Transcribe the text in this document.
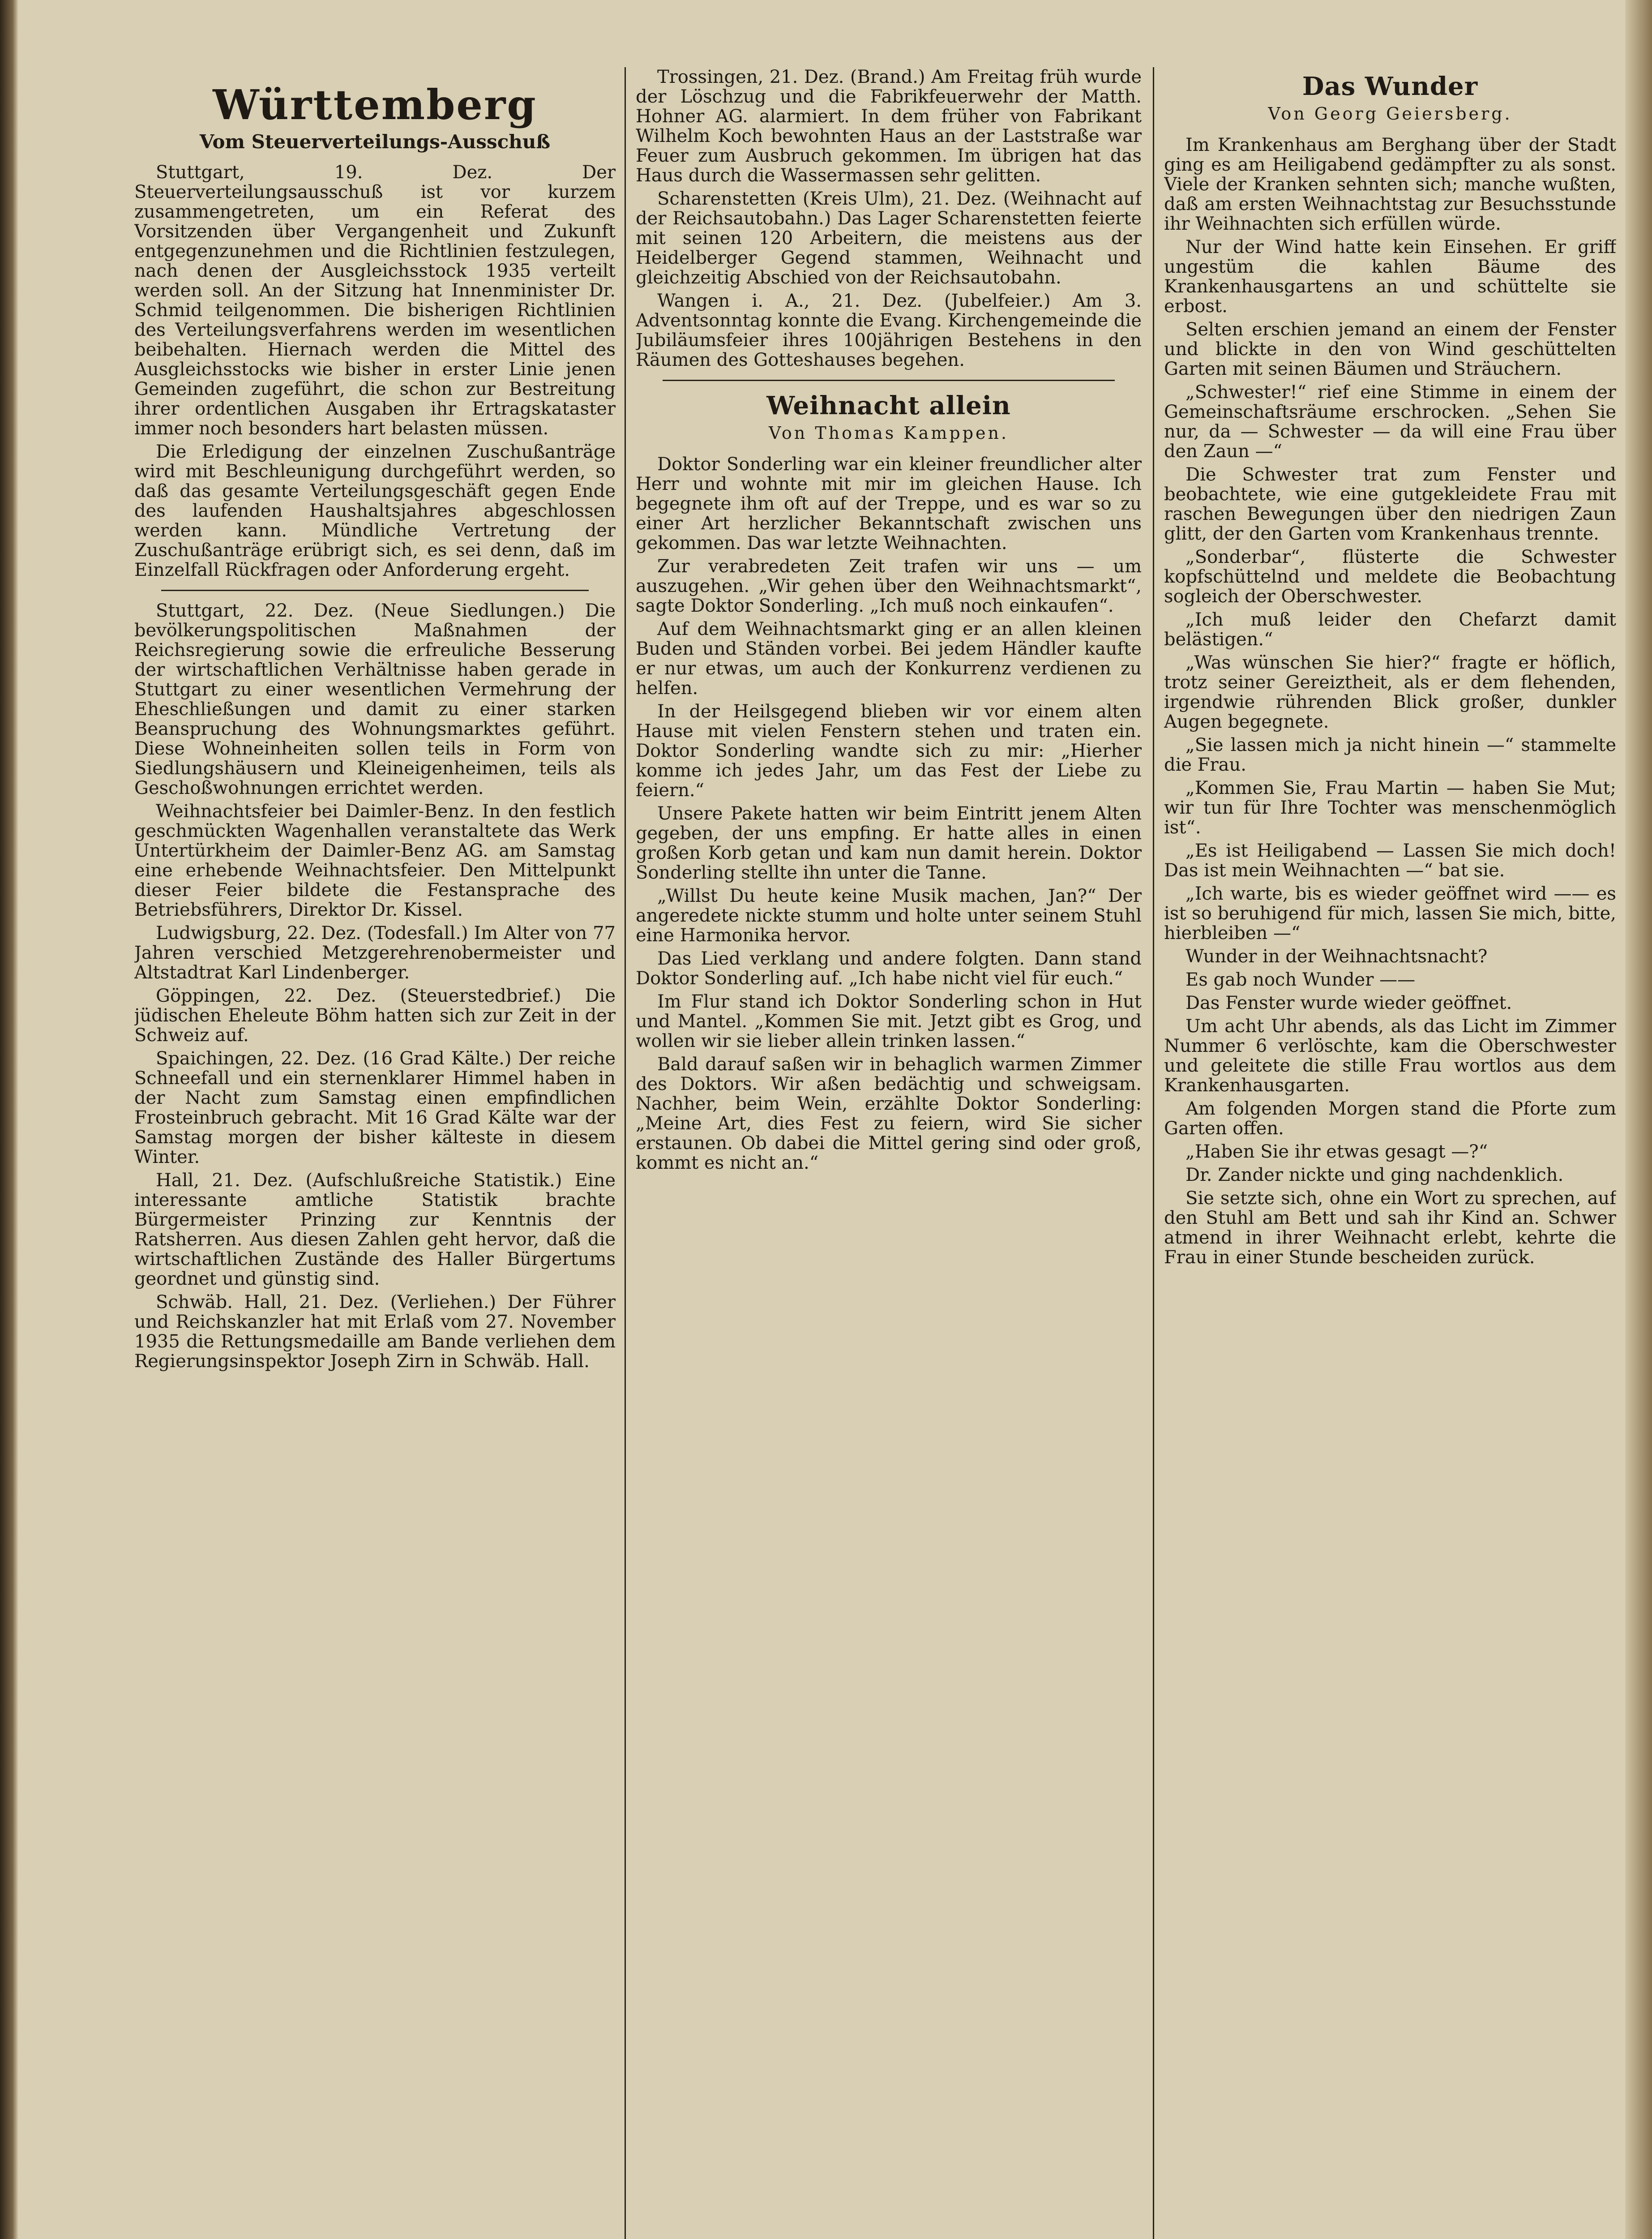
Württemberg
Vom Steuerverteilungs-Ausschuß

Stuttgart, 19. Dez. Der Steuerverteilungsausschuß ist vor kurzem zusammengetreten, um ein Referat des Vorsitzenden über Vergangenheit und Zukunft entgegenzunehmen und die Richtlinien festzulegen, nach denen der Ausgleichsstock 1935 verteilt werden soll. An der Sitzung hat Innenminister Dr. Schmid teilgenommen. Die bisherigen Richtlinien des Verteilungsverfahrens werden im wesentlichen beibehalten. Hiernach werden die Mittel des Ausgleichsstocks wie bisher in erster Linie jenen Gemeinden zugeführt, die schon zur Bestreitung ihrer ordentlichen Ausgaben ihr Ertragskataster immer noch besonders hart belasten müssen.

Die Erledigung der einzelnen Zuschußanträge wird mit Beschleunigung durchgeführt werden, so daß das gesamte Verteilungsgeschäft gegen Ende des laufenden Haushaltsjahres abgeschlossen werden kann. Mündliche Vertretung der Zuschußanträge erübrigt sich, es sei denn, daß im Einzelfall Rückfragen oder Anforderung ergeht.

Stuttgart, 22. Dez. (Neue Siedlungen.) Die bevölkerungspolitischen Maßnahmen der Reichsregierung sowie die erfreuliche Besserung der wirtschaftlichen Verhältnisse haben gerade in Stuttgart zu einer wesentlichen Vermehrung der Eheschließungen und damit zu einer starken Beanspruchung des Wohnungsmarktes geführt. Diese Wohneinheiten sollen teils in Form von Siedlungshäusern und Kleineigenheimen, teils als Geschoßwohnungen errichtet werden.

Weihnachtsfeier bei Daimler-Benz. In den festlich geschmückten Wagenhallen veranstaltete das Werk Untertürkheim der Daimler-Benz AG. am Samstag eine erhebende Weihnachtsfeier. Den Mittelpunkt dieser Feier bildete die Festansprache des Betriebsführers, Direktor Dr. Kissel.

Ludwigsburg, 22. Dez. (Todesfall.) Im Alter von 77 Jahren verschied Metzgerehrenobermeister und Altstadtrat Karl Lindenberger.

Göppingen, 22. Dez. (Steuerstedbrief.) Die jüdischen Eheleute Böhm hatten sich zur Zeit in der Schweiz auf.

Spaichingen, 22. Dez. (16 Grad Kälte.) Der reiche Schneefall und ein sternenklarer Himmel haben in der Nacht zum Samstag einen empfindlichen Frosteinbruch gebracht. Mit 16 Grad Kälte war der Samstag morgen der bisher kälteste in diesem Winter.

Hall, 21. Dez. (Aufschlußreiche Statistik.) Eine interessante amtliche Statistik brachte Bürgermeister Prinzing zur Kenntnis der Ratsherren. Aus diesen Zahlen geht hervor, daß die wirtschaftlichen Zustände des Haller Bürgertums geordnet und günstig sind.

Schwäb. Hall, 21. Dez. (Verliehen.) Der Führer und Reichskanzler hat mit Erlaß vom 27. November 1935 die Rettungsmedaille am Bande verliehen dem Regierungsinspektor Joseph Zirn in Schwäb. Hall.

Trossingen, 21. Dez. (Brand.) Am Freitag früh wurde der Löschzug und die Fabrikfeuerwehr der Matth. Hohner AG. alarmiert. In dem früher von Fabrikant Wilhelm Koch bewohnten Haus an der Laststraße war Feuer zum Ausbruch gekommen. Im übrigen hat das Haus durch die Wassermassen sehr gelitten.

Scharenstetten (Kreis Ulm), 21. Dez. (Weihnacht auf der Reichsautobahn.) Das Lager Scharenstetten feierte mit seinen 120 Arbeitern, die meistens aus der Heidelberger Gegend stammen, Weihnacht und gleichzeitig Abschied von der Reichsautobahn.

Wangen i. A., 21. Dez. (Jubelfeier.) Am 3. Adventsonntag konnte die Evang. Kirchengemeinde die Jubiläumsfeier ihres 100jährigen Bestehens in den Räumen des Gotteshauses begehen.

Weihnacht allein
Von Thomas Kamppen.

Doktor Sonderling war ein kleiner freundlicher alter Herr und wohnte mit mir im gleichen Hause. Ich begegnete ihm oft auf der Treppe, und es war so zu einer Art herzlicher Bekanntschaft zwischen uns gekommen. Das war letzte Weihnachten.

Zur verabredeten Zeit trafen wir uns — um auszugehen. „Wir gehen über den Weihnachtsmarkt“, sagte Doktor Sonderling. „Ich muß noch einkaufen“.

Auf dem Weihnachtsmarkt ging er an allen kleinen Buden und Ständen vorbei. Bei jedem Händler kaufte er nur etwas, um auch der Konkurrenz verdienen zu helfen.

In der Heilsgegend blieben wir vor einem alten Hause mit vielen Fenstern stehen und traten ein. Doktor Sonderling wandte sich zu mir: „Hierher komme ich jedes Jahr, um das Fest der Liebe zu feiern.“

Unsere Pakete hatten wir beim Eintritt jenem Alten gegeben, der uns empfing. Er hatte alles in einen großen Korb getan und kam nun damit herein. Doktor Sonderling stellte ihn unter die Tanne.

„Willst Du heute keine Musik machen, Jan?“ Der angeredete nickte stumm und holte unter seinem Stuhl eine Harmonika hervor.

Das Lied verklang und andere folgten. Dann stand Doktor Sonderling auf. „Ich habe nicht viel für euch.“

Im Flur stand ich Doktor Sonderling schon in Hut und Mantel. „Kommen Sie mit. Jetzt gibt es Grog, und wollen wir sie lieber allein trinken lassen.“

Bald darauf saßen wir in behaglich warmen Zimmer des Doktors. Wir aßen bedächtig und schweigsam. Nachher, beim Wein, erzählte Doktor Sonderling: „Meine Art, dies Fest zu feiern, wird Sie sicher erstaunen. Ob dabei die Mittel gering sind oder groß, kommt es nicht an.“

Das Wunder
Von Georg Geiersberg.

Im Krankenhaus am Berghang über der Stadt ging es am Heiligabend gedämpfter zu als sonst. Viele der Kranken sehnten sich; manche wußten, daß am ersten Weihnachtstag zur Besuchsstunde ihr Weihnachten sich erfüllen würde.

Nur der Wind hatte kein Einsehen. Er griff ungestüm die kahlen Bäume des Krankenhausgartens an und schüttelte sie erbost.

Selten erschien jemand an einem der Fenster und blickte in den von Wind geschüttelten Garten mit seinen Bäumen und Sträuchern.

„Schwester!“ rief eine Stimme in einem der Gemeinschaftsräume erschrocken. „Sehen Sie nur, da — Schwester — da will eine Frau über den Zaun —“

Die Schwester trat zum Fenster und beobachtete, wie eine gutgekleidete Frau mit raschen Bewegungen über den niedrigen Zaun glitt, der den Garten vom Krankenhaus trennte.

„Sonderbar“, flüsterte die Schwester kopfschüttelnd und meldete die Beobachtung sogleich der Oberschwester.

„Ich muß leider den Chefarzt damit belästigen.“

„Was wünschen Sie hier?“ fragte er höflich, trotz seiner Gereiztheit, als er dem flehenden, irgendwie rührenden Blick großer, dunkler Augen begegnete.

„Sie lassen mich ja nicht hinein —“ stammelte die Frau.

„Kommen Sie, Frau Martin — haben Sie Mut; wir tun für Ihre Tochter was menschenmöglich ist“.

„Es ist Heiligabend — Lassen Sie mich doch! Das ist mein Weihnachten —“ bat sie.

„Ich warte, bis es wieder geöffnet wird —— es ist so beruhigend für mich, lassen Sie mich, bitte, hierbleiben —“

Wunder in der Weihnachtsnacht?

Es gab noch Wunder ——

Das Fenster wurde wieder geöffnet.

Um acht Uhr abends, als das Licht im Zimmer Nummer 6 verlöschte, kam die Oberschwester und geleitete die stille Frau wortlos aus dem Krankenhausgarten.

Am folgenden Morgen stand die Pforte zum Garten offen.

„Haben Sie ihr etwas gesagt —?“

Dr. Zander nickte und ging nachdenklich.

Sie setzte sich, ohne ein Wort zu sprechen, auf den Stuhl am Bett und sah ihr Kind an. Schwer atmend in ihrer Weihnacht erlebt, kehrte die Frau in einer Stunde bescheiden zurück.
